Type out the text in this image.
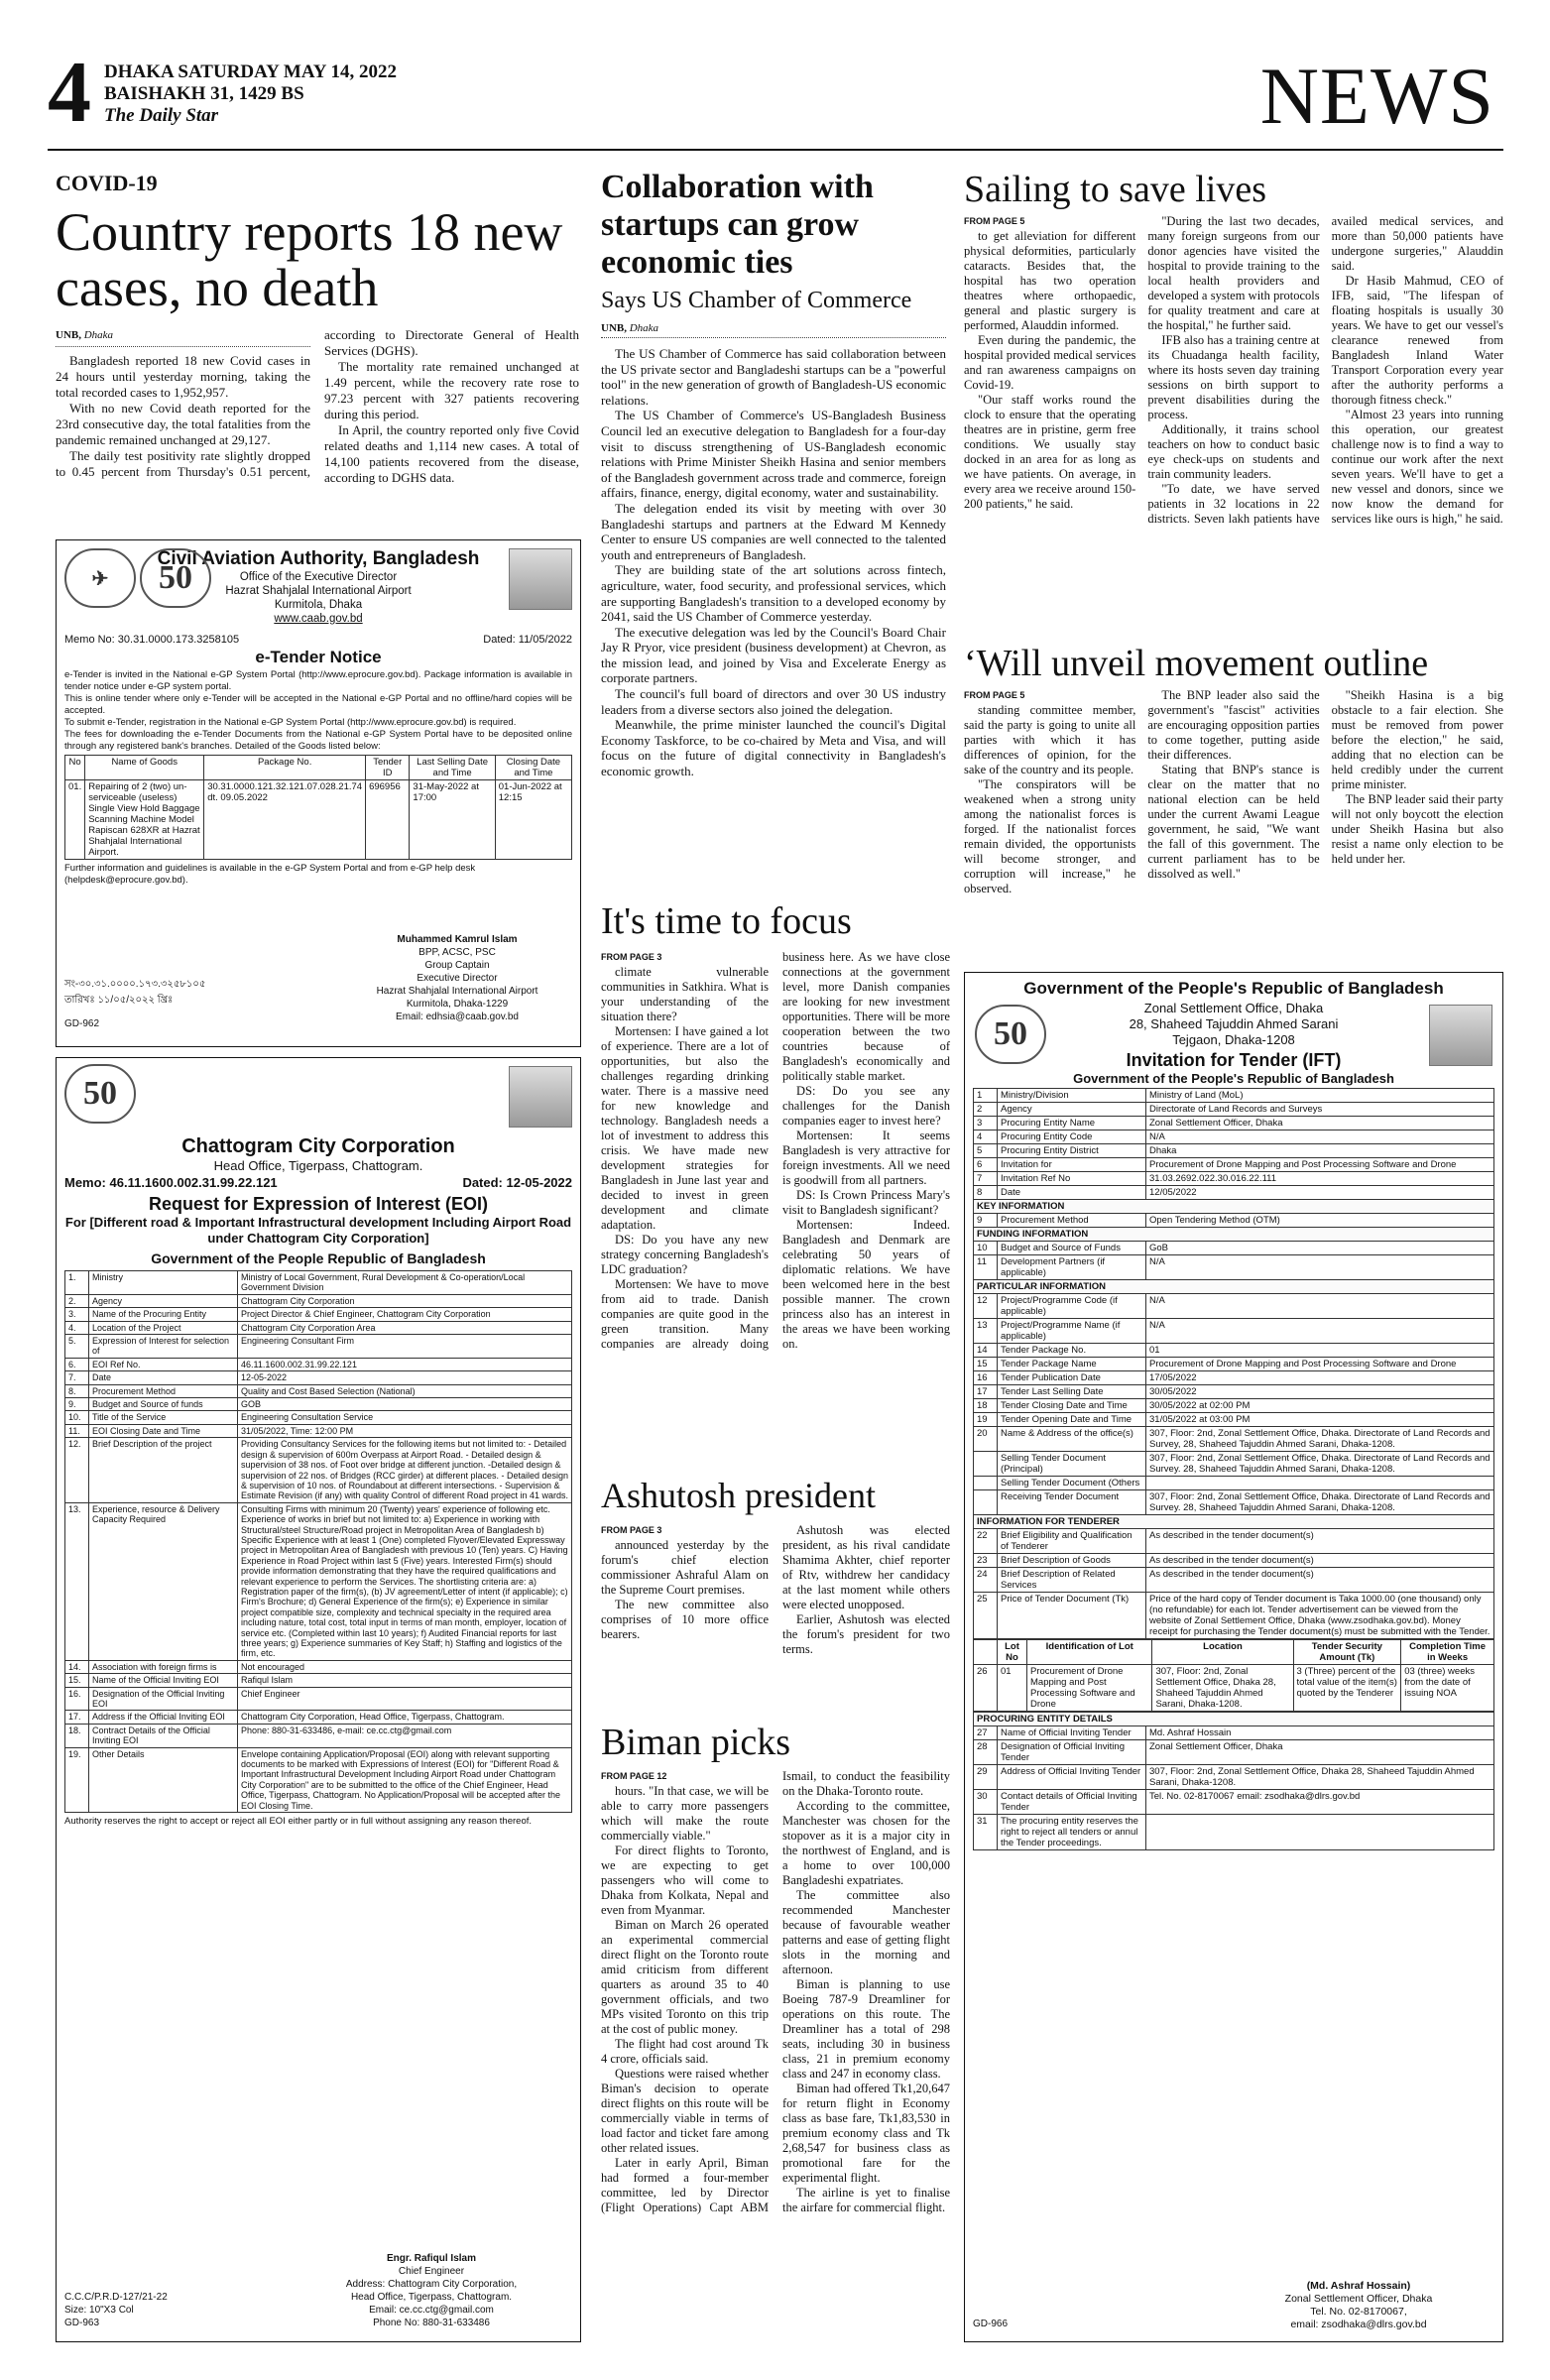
4 DHAKA SATURDAY MAY 14, 2022
BAISHAKH 31, 1429 BS
The Daily Star	NEWS
COVID-19
Country reports 18 new cases, no death
UNB, Dhaka

Bangladesh reported 18 new Covid cases in 24 hours until yesterday morning, taking the total recorded cases to 1,952,957.

With no new Covid death reported for the 23rd consecutive day, the total fatalities from the pandemic remained unchanged at 29,127.

The daily test positivity rate slightly dropped to 0.45 percent from Thursday's 0.51 percent, according to Directorate General of Health Services (DGHS).

The mortality rate remained unchanged at 1.49 percent, while the recovery rate rose to 97.23 percent with 327 patients recovering during this period.

In April, the country reported only five Covid related deaths and 1,114 new cases. A total of 14,100 patients recovered from the disease, according to DGHS data.

Collaboration with startups can grow economic ties
Says US Chamber of Commerce
UNB, Dhaka

The US Chamber of Commerce has said collaboration between the US private sector and Bangladeshi startups can be a "powerful tool" in the new generation of growth of Bangladesh-US economic relations.

The US Chamber of Commerce's US-Bangladesh Business Council led an executive delegation to Bangladesh for a four-day visit to discuss strengthening of US-Bangladesh economic relations with Prime Minister Sheikh Hasina and senior members of the Bangladesh government across trade and commerce, foreign affairs, finance, energy, digital economy, water and sustainability.

The delegation ended its visit by meeting with over 30 Bangladeshi startups and partners at the Edward M Kennedy Center to ensure US companies are well connected to the talented youth and entrepreneurs of Bangladesh.

They are building state of the art solutions across fintech, agriculture, water, food security, and professional services, which are supporting Bangladesh's transition to a developed economy by 2041, said the US Chamber of Commerce yesterday.

The executive delegation was led by the Council's Board Chair Jay R Pryor, vice president (business development) at Chevron, as the mission lead, and joined by Visa and Excelerate Energy as corporate partners.

The council's full board of directors and over 30 US industry leaders from a diverse sectors also joined the delegation.

Meanwhile, the prime minister launched the council's Digital Economy Taskforce, to be co-chaired by Meta and Visa, and will focus on the future of digital connectivity in Bangladesh's economic growth.

Sailing to save lives
FROM PAGE 5

to get alleviation for different physical deformities, particularly cataracts. Besides that, the hospital has two operation theatres where orthopaedic, general and plastic surgery is performed, Alauddin informed.

Even during the pandemic, the hospital provided medical services and ran awareness campaigns on Covid-19.

"Our staff works round the clock to ensure that the operating theatres are in pristine, germ free conditions. We usually stay docked in an area for as long as we have patients. On average, in every area we receive around 150-200 patients," he said.

"During the last two decades, many foreign surgeons from our donor agencies have visited the hospital to provide training to the local health providers and developed a system with protocols for quality treatment and care at the hospital," he further said.

IFB also has a training centre at its Chuadanga health facility, where its hosts seven day training sessions on birth support to prevent disabilities during the process.

Additionally, it trains school teachers on how to conduct basic eye check-ups on students and train community leaders.

"To date, we have served patients in 32 locations in 22 districts. Seven lakh patients have availed medical services, and more than 50,000 patients have undergone surgeries," Alauddin said.

Dr Hasib Mahmud, CEO of IFB, said, "The lifespan of floating hospitals is usually 30 years. We have to get our vessel's clearance renewed from Bangladesh Inland Water Transport Corporation every year after the authority performs a thorough fitness check."

"Almost 23 years into running this operation, our greatest challenge now is to find a way to continue our work after the next seven years. We'll have to get a new vessel and donors, since we now know the demand for services like ours is high," he said.

‘Will unveil movement outline
FROM PAGE 5

standing committee member, said the party is going to unite all parties with which it has differences of opinion, for the sake of the country and its people.

"The conspirators will be weakened when a strong unity among the nationalist forces is forged. If the nationalist forces remain divided, the opportunists will become stronger, and corruption will increase," he observed.

The BNP leader also said the government's "fascist" activities are encouraging opposition parties to come together, putting aside their differences.

Stating that BNP's stance is clear on the matter that no national election can be held under the current Awami League government, he said, "We want the fall of this government. The current parliament has to be dissolved as well."

"Sheikh Hasina is a big obstacle to a fair election. She must be removed from power before the election," he said, adding that no election can be held credibly under the current prime minister.

The BNP leader said their party will not only boycott the election under Sheikh Hasina but also resist a name only election to be held under her.

It's time to focus
FROM PAGE 3

climate vulnerable communities in Satkhira. What is your understanding of the situation there?

Mortensen: I have gained a lot of experience. There are a lot of opportunities, but also the challenges regarding drinking water. There is a massive need for new knowledge and technology. Bangladesh needs a lot of investment to address this crisis. We have made new development strategies for Bangladesh in June last year and decided to invest in green development and climate adaptation.

DS: Do you have any new strategy concerning Bangladesh's LDC graduation?

Mortensen: We have to move from aid to trade. Danish companies are quite good in the green transition. Many companies are already doing business here. As we have close connections at the government level, more Danish companies are looking for new investment opportunities. There will be more cooperation between the two countries because of Bangladesh's economically and politically stable market.

DS: Do you see any challenges for the Danish companies eager to invest here?

Mortensen: It seems Bangladesh is very attractive for foreign investments. All we need is goodwill from all partners.

DS: Is Crown Princess Mary's visit to Bangladesh significant?

Mortensen: Indeed. Bangladesh and Denmark are celebrating 50 years of diplomatic relations. We have been welcomed here in the best possible manner. The crown princess also has an interest in the areas we have been working on.

Ashutosh president
FROM PAGE 3

announced yesterday by the forum's chief election commissioner Ashraful Alam on the Supreme Court premises.

The new committee also comprises of 10 more office bearers.

Ashutosh was elected president, as his rival candidate Shamima Akhter, chief reporter of Rtv, withdrew her candidacy at the last moment while others were elected unopposed.

Earlier, Ashutosh was elected the forum's president for two terms.

Biman picks
FROM PAGE 12

hours. "In that case, we will be able to carry more passengers which will make the route commercially viable."

For direct flights to Toronto, we are expecting to get passengers who will come to Dhaka from Kolkata, Nepal and even from Myanmar.

Biman on March 26 operated an experimental commercial direct flight on the Toronto route amid criticism from different quarters as around 35 to 40 government officials, and two MPs visited Toronto on this trip at the cost of public money.

The flight had cost around Tk 4 crore, officials said.

Questions were raised whether Biman's decision to operate direct flights on this route will be commercially viable in terms of load factor and ticket fare among other related issues.

Later in early April, Biman had formed a four-member committee, led by Director (Flight Operations) Capt ABM Ismail, to conduct the feasibility on the Dhaka-Toronto route.

According to the committee, Manchester was chosen for the stopover as it is a major city in the northwest of England, and is a home to over 100,000 Bangladeshi expatriates.

The committee also recommended Manchester because of favourable weather patterns and ease of getting flight slots in the morning and afternoon.

Biman is planning to use Boeing 787-9 Dreamliner for operations on this route. The Dreamliner has a total of 298 seats, including 30 in business class, 21 in premium economy class and 247 in economy class.

Biman had offered Tk1,20,647 for return flight in Economy class as base fare, Tk1,83,530 in premium economy class and Tk 2,68,547 for business class as promotional fare for the experimental flight.

The airline is yet to finalise the airfare for commercial flight.

✈	50
Civil Aviation Authority, Bangladesh
Office of the Executive Director
Hazrat Shahjalal International Airport
Kurmitola, Dhaka
www.caab.gov.bd
Memo No: 30.31.0000.173.3258105	Dated: 11/05/2022
e-Tender Notice

e-Tender is invited in the National e-GP System Portal (http://www.eprocure.gov.bd). Package information is available in tender notice under e-GP system portal.

This is online tender where only e-Tender will be accepted in the National e-GP Portal and no offline/hard copies will be accepted.

To submit e-Tender, registration in the National e-GP System Portal (http://www.eprocure.gov.bd) is required.

The fees for downloading the e-Tender Documents from the National e-GP System Portal have to be deposited online through any registered bank's branches. Detailed of the Goods listed below:

No	Name of Goods	Package No.	Tender ID	Last Selling Date and Time	Closing Date and Time
01.	Repairing of 2 (two) un-serviceable (useless) Single View Hold Baggage Scanning Machine Model Rapiscan 628XR at Hazrat Shahjalal International Airport.	30.31.0000.121.32.121.07.028.21.74 dt. 09.05.2022	696956	31-May-2022 at 17:00	01-Jun-2022 at 12:15
Further information and guidelines is available in the e-GP System Portal and from e-GP help desk (helpdesk@eprocure.gov.bd).
Muhammed Kamrul Islam
BPP, ACSC, PSC
Group Captain
Executive Director
Hazrat Shahjalal International Airport
Kurmitola, Dhaka-1229
Email: edhsia@caab.gov.bd
সং-৩০.৩১.০০০০.১৭৩.৩২৫৮১০৫
তারিখঃ ১১/০৫/২০২২ খ্রিঃ
GD-962
50
Chattogram City Corporation
Head Office, Tigerpass, Chattogram.
Memo: 46.11.1600.002.31.99.22.121	Dated: 12-05-2022
Request for Expression of Interest (EOI)
For [Different road & Important Infrastructural development Including Airport Road under Chattogram City Corporation]
Government of the People Republic of Bangladesh
1.	Ministry	Ministry of Local Government, Rural Development & Co-operation/Local Government Division
2.	Agency	Chattogram City Corporation
3.	Name of the Procuring Entity	Project Director & Chief Engineer, Chattogram City Corporation
4.	Location of the Project	Chattogram City Corporation Area
5.	Expression of Interest for selection of	Engineering Consultant Firm
6.	EOI Ref No.	46.11.1600.002.31.99.22.121
7.	Date	12-05-2022
8.	Procurement Method	Quality and Cost Based Selection (National)
9.	Budget and Source of funds	GOB
10.	Title of the Service	Engineering Consultation Service
11.	EOI Closing Date and Time	31/05/2022, Time: 12:00 PM
12.	Brief Description of the project	Providing Consultancy Services for the following items but not limited to: - Detailed design & supervision of 600m Overpass at Airport Road. - Detailed design & supervision of 38 nos. of Foot over bridge at different junction. -Detailed design & supervision of 22 nos. of Bridges (RCC girder) at different places. - Detailed design & supervision of 10 nos. of Roundabout at different intersections. - Supervision & Estimate Revision (if any) with quality Control of different Road project in 41 wards.
13.	Experience, resource & Delivery Capacity Required	Consulting Firms with minimum 20 (Twenty) years' experience of following etc. Experience of works in brief but not limited to: a) Experience in working with Structural/steel Structure/Road project in Metropolitan Area of Bangladesh b) Specific Experience with at least 1 (One) completed Flyover/Elevated Expressway project in Metropolitan Area of Bangladesh with previous 10 (Ten) years. C) Having Experience in Road Project within last 5 (Five) years. Interested Firm(s) should provide information demonstrating that they have the required qualifications and relevant experience to perform the Services. The shortlisting criteria are: a) Registration paper of the firm(s), (b) JV agreement/Letter of intent (if applicable); c) Firm's Brochure; d) General Experience of the firm(s); e) Experience in similar project compatible size, complexity and technical specialty in the required area including nature, total cost, total input in terms of man month, employer, location of service etc. (Completed within last 10 years); f) Audited Financial reports for last three years; g) Experience summaries of Key Staff; h) Staffing and logistics of the firm, etc.
14.	Association with foreign firms is	Not encouraged
15.	Name of the Official Inviting EOI	Rafiqul Islam
16.	Designation of the Official Inviting EOI	Chief Engineer
17.	Address if the Official Inviting EOI	Chattogram City Corporation, Head Office, Tigerpass, Chattogram.
18.	Contract Details of the Official Inviting EOI	Phone: 880-31-633486, e-mail: ce.cc.ctg@gmail.com
19.	Other Details	Envelope containing Application/Proposal (EOI) along with relevant supporting documents to be marked with Expressions of Interest (EOI) for "Different Road & Important Infrastructural Development Including Airport Road under Chattogram City Corporation" are to be submitted to the office of the Chief Engineer, Head Office, Tigerpass, Chattogram. No Application/Proposal will be accepted after the EOI Closing Time.
Authority reserves the right to accept or reject all EOI either partly or in full without assigning any reason thereof.
Engr. Rafiqul Islam
Chief Engineer
Address: Chattogram City Corporation,
Head Office, Tigerpass, Chattogram.
Email: ce.cc.ctg@gmail.com
Phone No: 880-31-633486
C.C.C/P.R.D-127/21-22
Size: 10"X3 Col
GD-963
Government of the People's Republic of Bangladesh
50
Zonal Settlement Office, Dhaka
28, Shaheed Tajuddin Ahmed Sarani
Tejgaon, Dhaka-1208
Invitation for Tender (IFT)
Government of the People's Republic of Bangladesh
1	Ministry/Division	Ministry of Land (MoL)
2	Agency	Directorate of Land Records and Surveys
3	Procuring Entity Name	Zonal Settlement Officer, Dhaka
4	Procuring Entity Code	N/A
5	Procuring Entity District	Dhaka
6	Invitation for	Procurement of Drone Mapping and Post Processing Software and Drone
7	Invitation Ref No	31.03.2692.022.30.016.22.111
8	Date	12/05/2022
KEY INFORMATION		
9	Procurement Method	Open Tendering Method (OTM)
FUNDING INFORMATION		
10	Budget and Source of Funds	GoB
11	Development Partners (if applicable)	N/A
PARTICULAR INFORMATION		
12	Project/Programme Code (if applicable)	N/A
13	Project/Programme Name (if applicable)	N/A
14	Tender Package No.	01
15	Tender Package Name	Procurement of Drone Mapping and Post Processing Software and Drone
16	Tender Publication Date	17/05/2022
17	Tender Last Selling Date	30/05/2022
18	Tender Closing Date and Time	30/05/2022 at 02:00 PM
19	Tender Opening Date and Time	31/05/2022 at 03:00 PM
20	Name & Address of the office(s)	307, Floor: 2nd, Zonal Settlement Office, Dhaka. Directorate of Land Records and Survey, 28, Shaheed Tajuddin Ahmed Sarani, Dhaka-1208.
	Selling Tender Document (Principal)	307, Floor: 2nd, Zonal Settlement Office, Dhaka. Directorate of Land Records and Survey. 28, Shaheed Tajuddin Ahmed Sarani, Dhaka-1208.
	Selling Tender Document (Others	
	Receiving Tender Document	307, Floor: 2nd, Zonal Settlement Office, Dhaka. Directorate of Land Records and Survey. 28, Shaheed Tajuddin Ahmed Sarani, Dhaka-1208.
INFORMATION FOR TENDERER		
22	Brief Eligibility and Qualification of Tenderer	As described in the tender document(s)
23	Brief Description of Goods	As described in the tender document(s)
24	Brief Description of Related Services	As described in the tender document(s)
25	Price of Tender Document (Tk)	Price of the hard copy of Tender document is Taka 1000.00 (one thousand) only (no refundable) for each lot. Tender advertisement can be viewed from the website of Zonal Settlement Office, Dhaka (www.zsodhaka.gov.bd). Money receipt for purchasing the Tender document(s) must be submitted with the Tender.
	Lot No	Identification of Lot	Location	Tender Security Amount (Tk)	Completion Time in Weeks
26	01	Procurement of Drone Mapping and Post Processing Software and Drone	307, Floor: 2nd, Zonal Settlement Office, Dhaka 28, Shaheed Tajuddin Ahmed Sarani, Dhaka-1208.	3 (Three) percent of the total value of the item(s) quoted by the Tenderer	03 (three) weeks from the date of issuing NOA
PROCURING ENTITY DETAILS		
27	Name of Official Inviting Tender	Md. Ashraf Hossain
28	Designation of Official Inviting Tender	Zonal Settlement Officer, Dhaka
29	Address of Official Inviting Tender	307, Floor: 2nd, Zonal Settlement Office, Dhaka 28, Shaheed Tajuddin Ahmed Sarani, Dhaka-1208.
30	Contact details of Official Inviting Tender	Tel. No. 02-8170067 email: zsodhaka@dlrs.gov.bd
31	The procuring entity reserves the right to reject all tenders or annul the Tender proceedings.	
(Md. Ashraf Hossain)
Zonal Settlement Officer, Dhaka
Tel. No. 02-8170067,
email: zsodhaka@dlrs.gov.bd
GD-966
